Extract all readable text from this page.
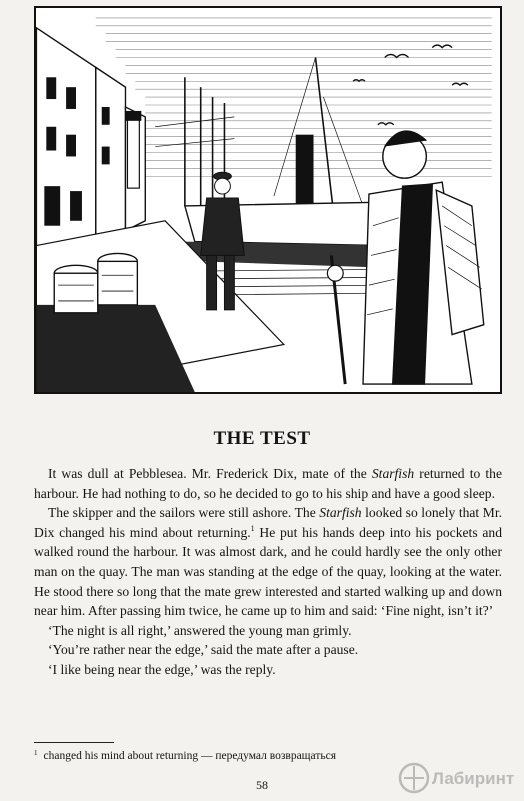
THE TEST

It was dull at Pebblesea. Mr. Frederick Dix, mate of the Starfish returned to the harbour. He had nothing to do, so he decided to go to his ship and have a good sleep.

The skipper and the sailors were still ashore. The Starfish looked so lonely that Mr. Dix changed his mind about returning.$^1$ He put his hands deep into his pockets and walked round the harbour. It was almost dark, and he could hardly see the only other man on the quay. The man was standing at the edge of the quay, looking at the water. He stood there so long that the mate grew interested and started walking up and down near him. After passing him twice, he came up to him and said: ‘Fine night, isn’t it?’

‘The night is all right,’ answered the young man grimly.

‘You’re rather near the edge,’ said the mate after a pause.

‘I like being near the edge,’ was the reply.

$^1$ changed his mind about returning — передумал возвращаться
58	Лабиринт
